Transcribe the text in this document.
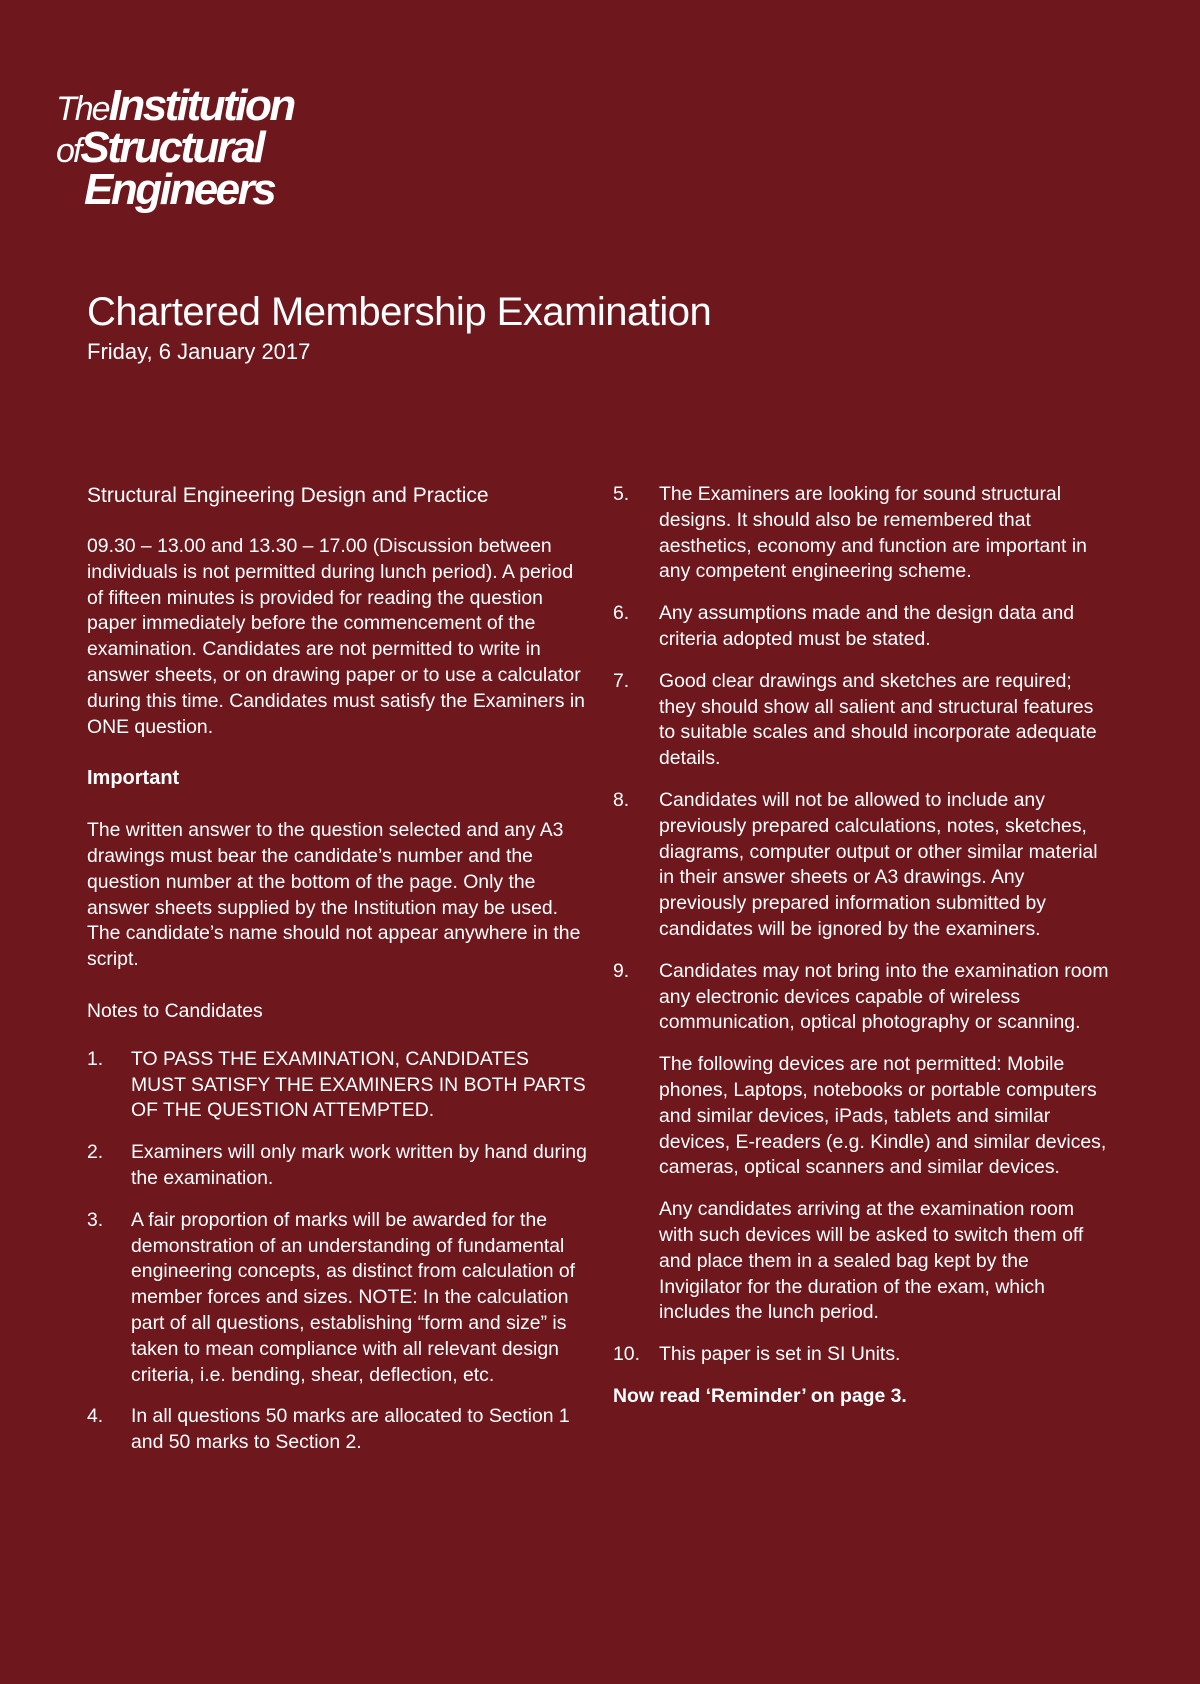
TheInstitution
ofStructural
Engineers
Chartered Membership Examination
Friday, 6 January 2017

Structural Engineering Design and Practice

09.30 – 13.00 and 13.30 – 17.00 (Discussion between individuals is not permitted during lunch period). A period of fifteen minutes is provided for reading the question paper immediately before the commencement of the examination. Candidates are not permitted to write in answer sheets, or on drawing paper or to use a calculator during this time. Candidates must satisfy the Examiners in ONE question.

Important

The written answer to the question selected and any A3 drawings must bear the candidate’s number and the question number at the bottom of the page. Only the answer sheets supplied by the Institution may be used. The candidate’s name should not appear anywhere in the script.

Notes to Candidates

1.	TO PASS THE EXAMINATION, CANDIDATES MUST SATISFY THE EXAMINERS IN BOTH PARTS OF THE QUESTION ATTEMPTED.
2.	Examiners will only mark work written by hand during the examination.
3.	A fair proportion of marks will be awarded for the demonstration of an understanding of fundamental engineering concepts, as distinct from calculation of member forces and sizes. NOTE: In the calculation part of all questions, establishing “form and size” is taken to mean compliance with all relevant design criteria, i.e. bending, shear, deflection, etc.
4.	In all questions 50 marks are allocated to Section 1 and 50 marks to Section 2.
5.	The Examiners are looking for sound structural designs. It should also be remembered that aesthetics, economy and function are important in any competent engineering scheme.
6.	Any assumptions made and the design data and criteria adopted must be stated.
7.	Good clear drawings and sketches are required; they should show all salient and structural features to suitable scales and should incorporate adequate details.
8.	Candidates will not be allowed to include any previously prepared calculations, notes, sketches, diagrams, computer output or other similar material in their answer sheets or A3 drawings. Any previously prepared information submitted by candidates will be ignored by the examiners.
9.	Candidates may not bring into the examination room any electronic devices capable of wireless communication, optical photography or scanning.

The following devices are not permitted: Mobile phones, Laptops, notebooks or portable computers and similar devices, iPads, tablets and similar devices, E-readers (e.g. Kindle) and similar devices, cameras, optical scanners and similar devices.

Any candidates arriving at the examination room with such devices will be asked to switch them off and place them in a sealed bag kept by the Invigilator for the duration of the exam, which includes the lunch period.

10. This paper is set in SI Units.

Now read ‘Reminder’ on page 3.
